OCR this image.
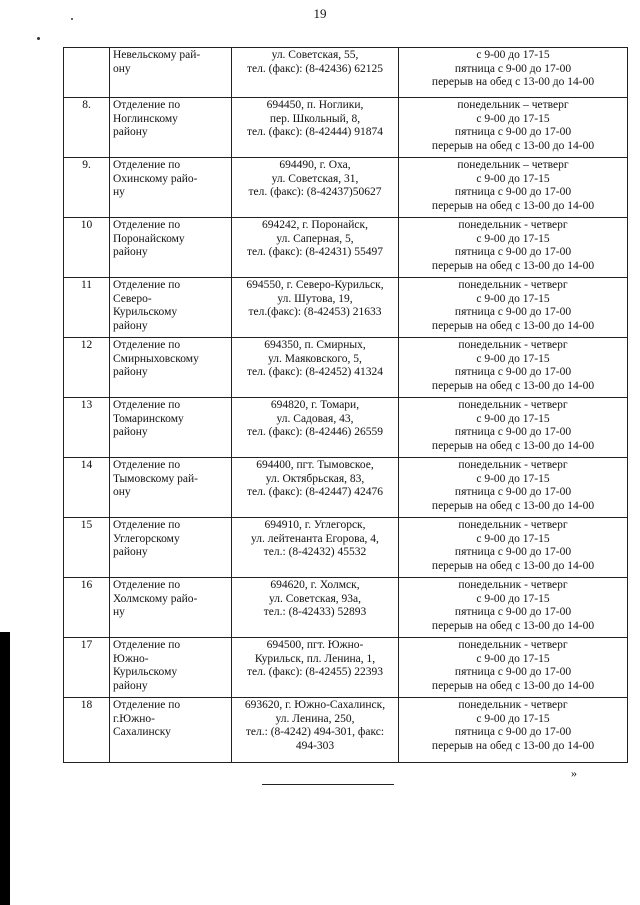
19

	Невельскому рай-
ону	ул. Советская, 55,
тел. (факс): (8-42436) 62125	с 9-00 до 17-15
пятница с 9-00 до 17-00
перерыв на обед с 13-00 до 14-00

8.	Отделение по
Ноглинскому
району	694450, п. Ноглики,
пер. Школьный, 8,
тел. (факс): (8-42444) 91874	понедельник – четверг
с 9-00 до 17-15
пятница с 9-00 до 17-00
перерыв на обед с 13-00 до 14-00

9.	Отделение по
Охинскому райо-
ну	694490, г. Оха,
ул. Советская, 31,
тел. (факс): (8-42437)50627	понедельник – четверг
с 9-00 до 17-15
пятница с 9-00 до 17-00
перерыв на обед с 13-00 до 14-00

10	Отделение по
Поронайскому
району	694242, г. Поронайск,
ул. Саперная, 5,
тел. (факс): (8-42431) 55497	понедельник - четверг
с 9-00 до 17-15
пятница с 9-00 до 17-00
перерыв на обед с 13-00 до 14-00

11	Отделение по
Северо-
Курильскому
району	694550, г. Северо-Курильск,
ул. Шутова, 19,
тел.(факс): (8-42453) 21633	понедельник - четверг
с 9-00 до 17-15
пятница с 9-00 до 17-00
перерыв на обед с 13-00 до 14-00

12	Отделение по
Смирныховскому
району	694350, п. Смирных,
ул. Маяковского, 5,
тел. (факс): (8-42452) 41324	понедельник - четверг
с 9-00 до 17-15
пятница с 9-00 до 17-00
перерыв на обед с 13-00 до 14-00

13	Отделение по
Томаринскому
району	694820, г. Томари,
ул. Садовая, 43,
тел. (факс): (8-42446) 26559	понедельник - четверг
с 9-00 до 17-15
пятница с 9-00 до 17-00
перерыв на обед с 13-00 до 14-00

14	Отделение по
Тымовскому рай-
ону	694400, пгт. Тымовское,
ул. Октябрьская, 83,
тел. (факс): (8-42447) 42476	понедельник - четверг
с 9-00 до 17-15
пятница с 9-00 до 17-00
перерыв на обед с 13-00 до 14-00

15	Отделение по
Углегорскому
району	694910, г. Углегорск,
ул. лейтенанта Егорова, 4,
тел.: (8-42432) 45532	понедельник - четверг
с 9-00 до 17-15
пятница с 9-00 до 17-00
перерыв на обед с 13-00 до 14-00

16	Отделение по
Холмскому райо-
ну	694620, г. Холмск,
ул. Советская, 93а,
тел.: (8-42433) 52893	понедельник - четверг
с 9-00 до 17-15
пятница с 9-00 до 17-00
перерыв на обед с 13-00 до 14-00

17	Отделение по
Южно-
Курильскому
району	694500, пгт. Южно-
Курильск, пл. Ленина, 1,
тел. (факс): (8-42455) 22393	понедельник - четверг
с 9-00 до 17-15
пятница с 9-00 до 17-00
перерыв на обед с 13-00 до 14-00

18	Отделение по
г.Южно-
Сахалинску	693620, г. Южно-Сахалинск,
ул. Ленина, 250,
тел.: (8-4242) 494-301, факс:
494-303	понедельник - четверг
с 9-00 до 17-15
пятница с 9-00 до 17-00
перерыв на обед с 13-00 до 14-00
»
